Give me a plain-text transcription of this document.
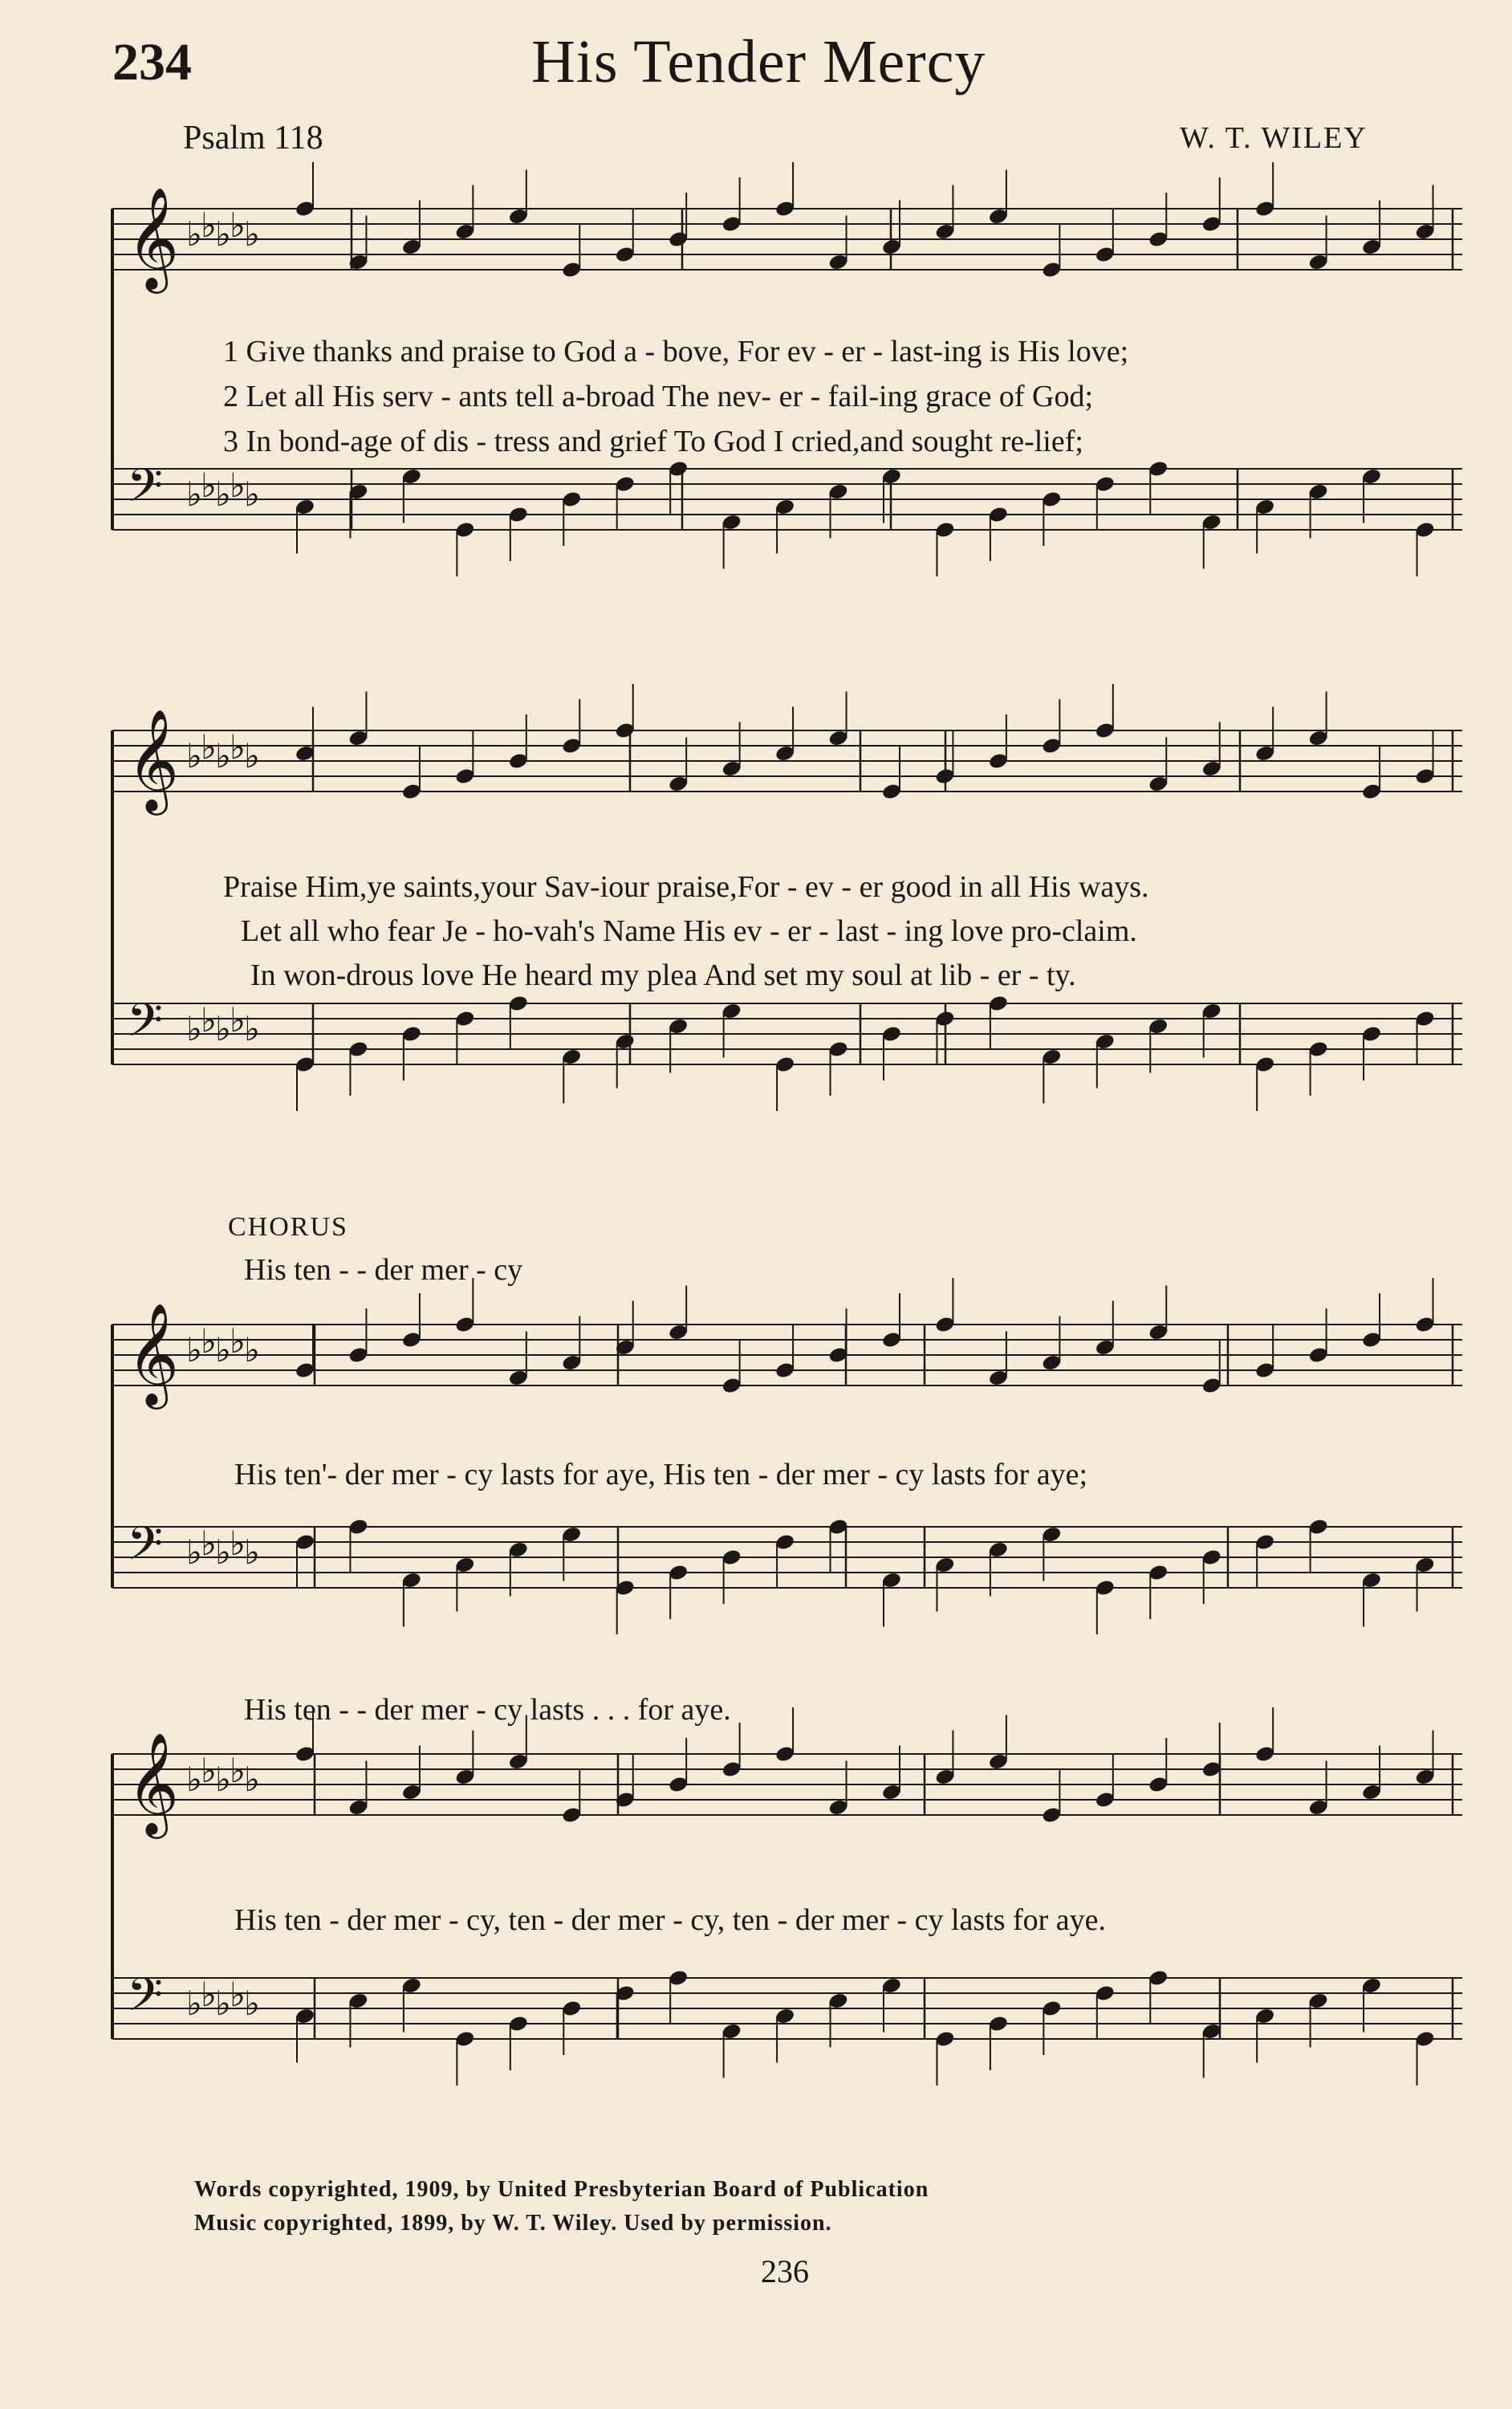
234	His Tender Mercy
Psalm 118	W. T. WILEY
𝄞 ♭
♭
♭
♭
♭
𝄢 ♭
♭
♭
♭
♭
𝄞 ♭
♭
♭
♭
♭
𝄢 ♭
♭
♭
♭
♭
𝄞 ♭
♭
♭
♭
♭
𝄢 ♭
♭
♭
♭
♭
𝄞 ♭
♭
♭
♭
♭
𝄢 ♭
♭
♭
♭
♭
1 Give thanks and praise to God a - bove, For ev - er - last-ing is His love;
2 Let all His serv - ants tell a-broad The nev- er - fail-ing grace of God;
3 In bond-age of dis - tress and grief To God I cried,and sought re-lief;
Praise Him,ye saints,your Sav-iour praise,For - ev - er good in all His ways.
Let all who fear Je - ho-vah's Name His ev - er - last - ing love pro-claim.
In won-drous love He heard my plea And set my soul at lib - er - ty.
CHORUS
His ten - - der mer - cy
His ten'- der mer - cy lasts for aye, His ten - der mer - cy lasts for aye;
His ten - - der mer - cy lasts . . . for aye.
His ten - der mer - cy, ten - der mer - cy, ten - der mer - cy lasts for aye.
Words copyrighted, 1909, by United Presbyterian Board of Publication
Music copyrighted, 1899, by W. T. Wiley. Used by permission.
236
